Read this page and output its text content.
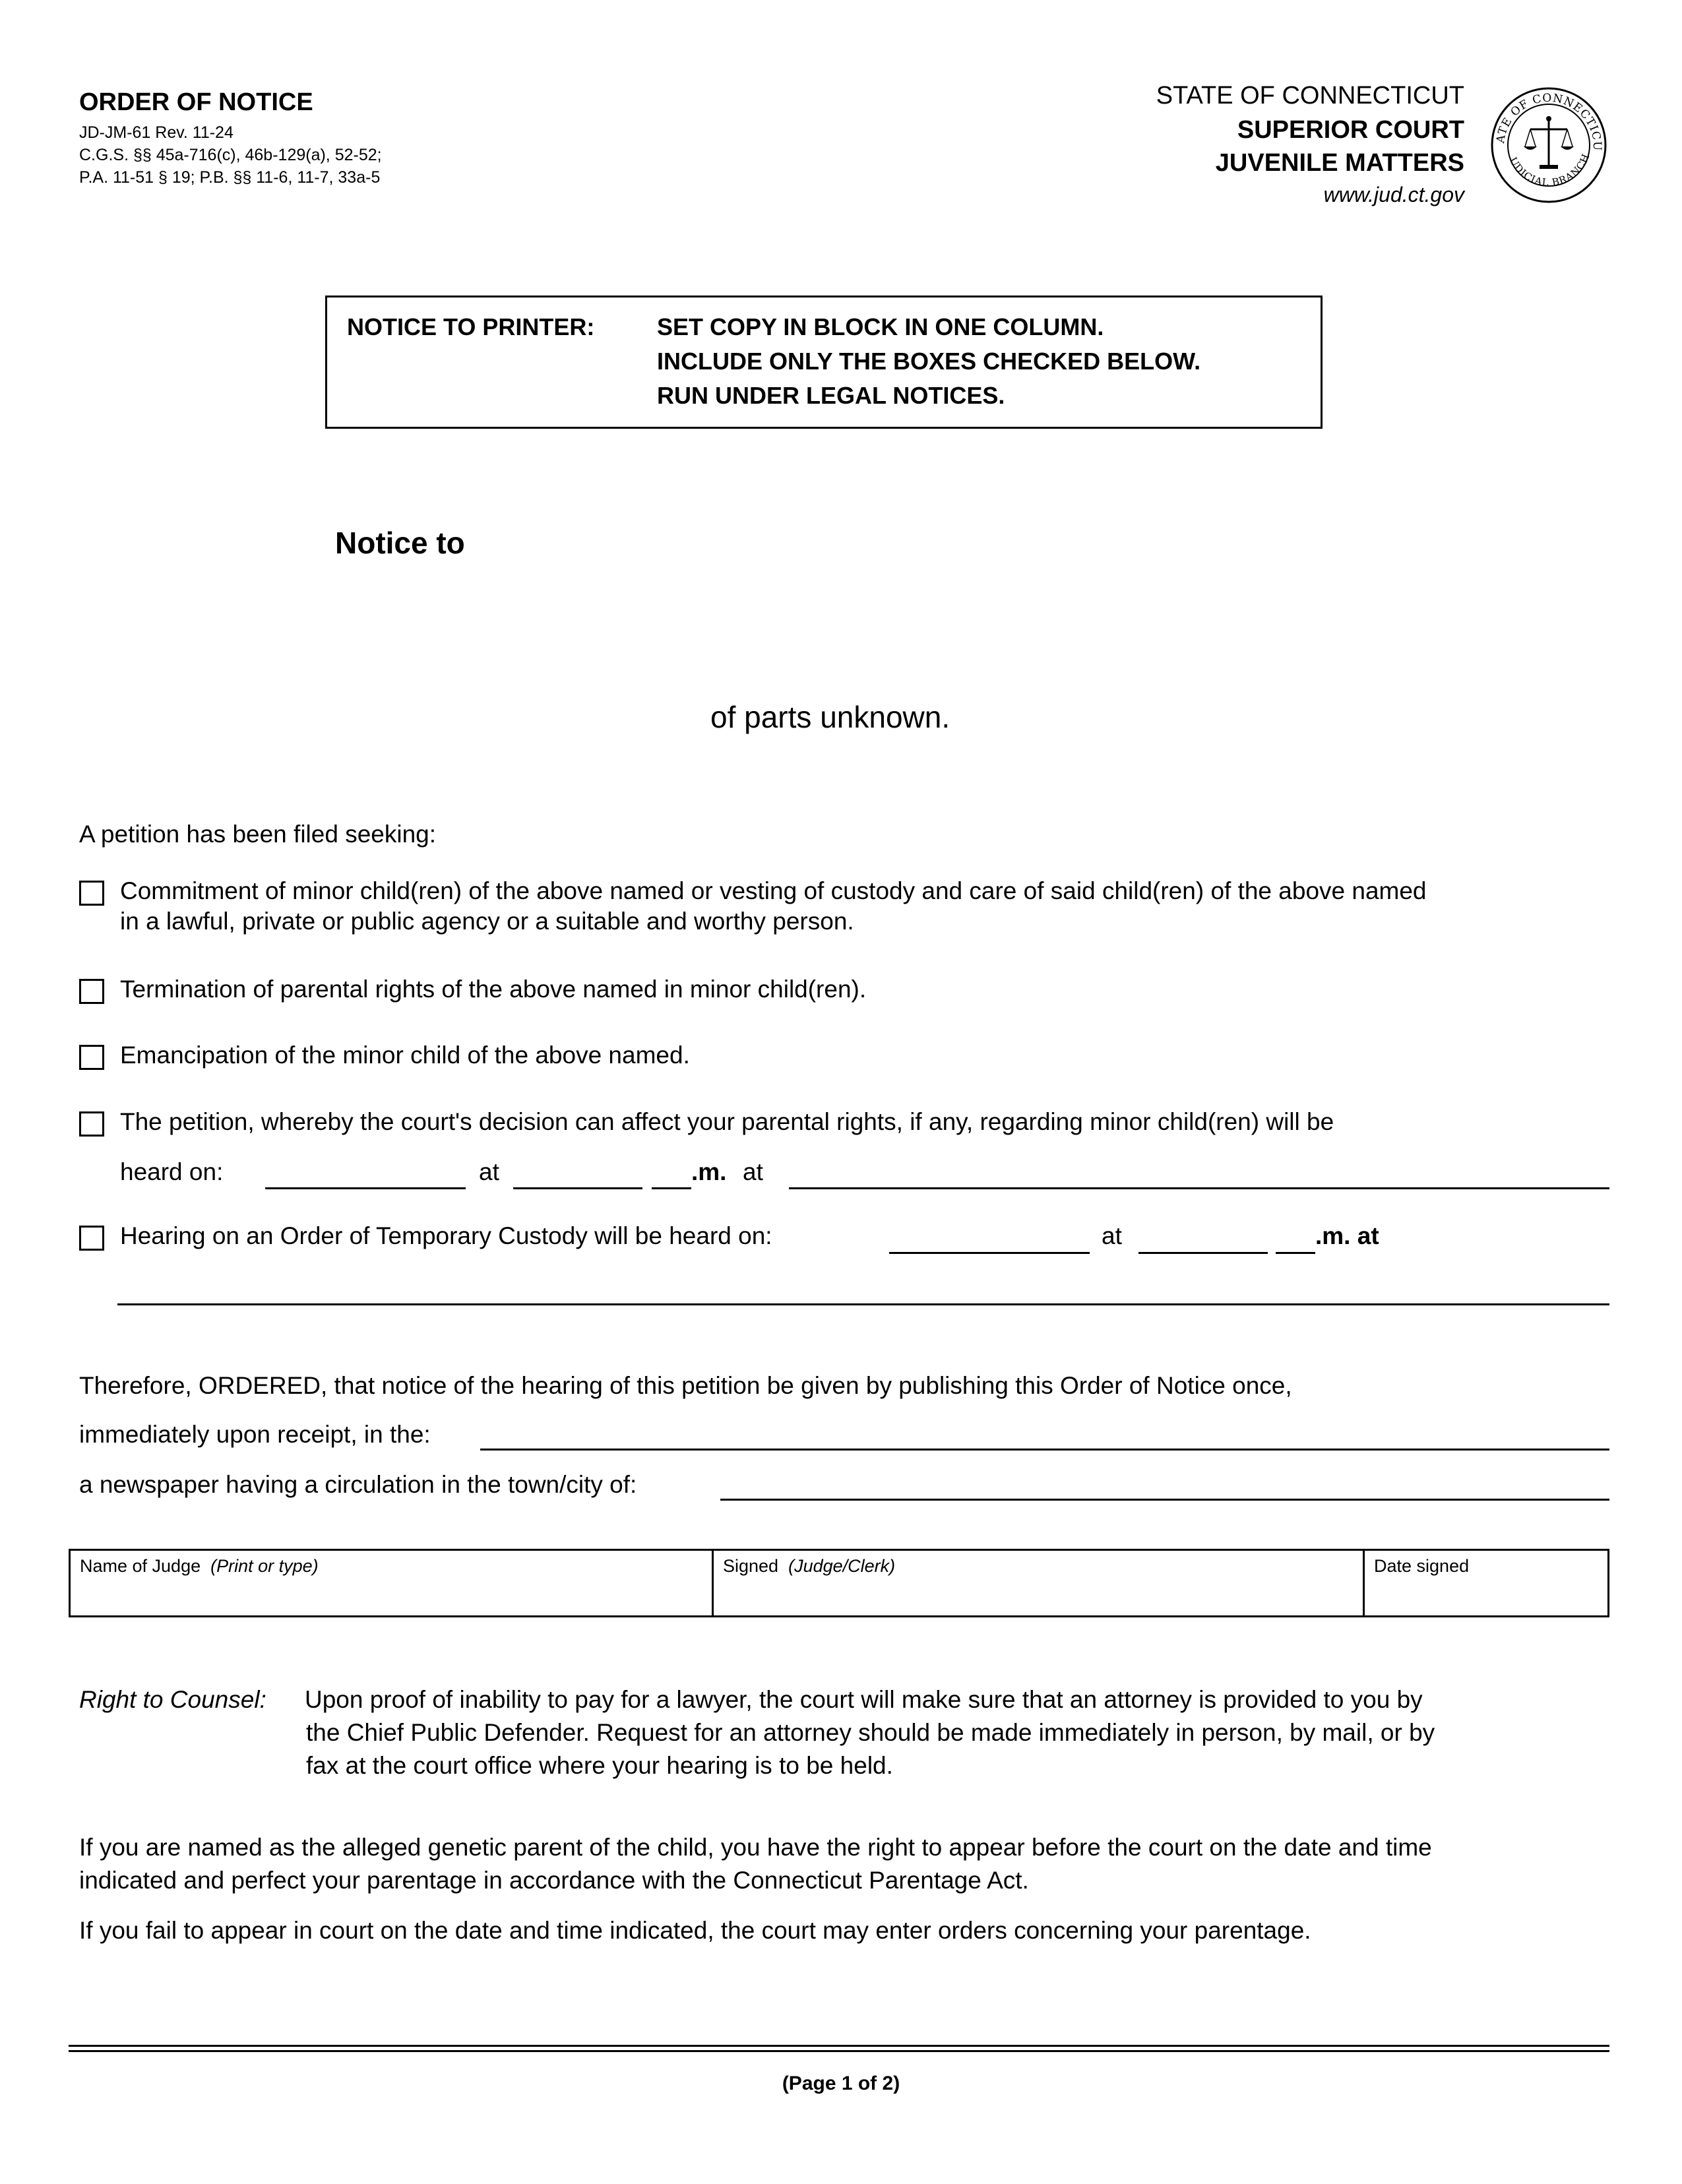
ORDER OF NOTICE
JD-JM-61 Rev. 11-24
C.G.S. §§ 45a-716(c), 46b-129(a), 52-52;
P.A. 11-51 § 19; P.B. §§ 11-6, 11-7, 33a-5
STATE OF CONNECTICUT
SUPERIOR COURT
JUVENILE MATTERS
www.jud.ct.gov
ATE OF CONNECTICU
UDICIAL BRANCH
NOTICE TO PRINTER:	SET COPY IN BLOCK IN ONE COLUMN.
INCLUDE ONLY THE BOXES CHECKED BELOW.
RUN UNDER LEGAL NOTICES.
Notice to
of parts unknown.
A petition has been filed seeking:
Commitment of minor child(ren) of the above named or vesting of custody and care of said child(ren) of the above named
in a lawful, private or public agency or a suitable and worthy person.
Termination of parental rights of the above named in minor child(ren).
Emancipation of the minor child of the above named.
The petition, whereby the court's decision can affect your parental rights, if any, regarding minor child(ren) will be
heard on:	at	.m. at
Hearing on an Order of Temporary Custody will be heard on:	at	.m. at
Therefore, ORDERED, that notice of the hearing of this petition be given by publishing this Order of Notice once,
immediately upon receipt, in the:
a newspaper having a circulation in the town/city of:
Name of Judge (Print or type)	Signed (Judge/Clerk)	Date signed
Right to Counsel: Upon proof of inability to pay for a lawyer, the court will make sure that an attorney is provided to you by
the Chief Public Defender. Request for an attorney should be made immediately in person, by mail, or by
fax at the court office where your hearing is to be held.
If you are named as the alleged genetic parent of the child, you have the right to appear before the court on the date and time
indicated and perfect your parentage in accordance with the Connecticut Parentage Act.
If you fail to appear in court on the date and time indicated, the court may enter orders concerning your parentage.
(Page 1 of 2)
